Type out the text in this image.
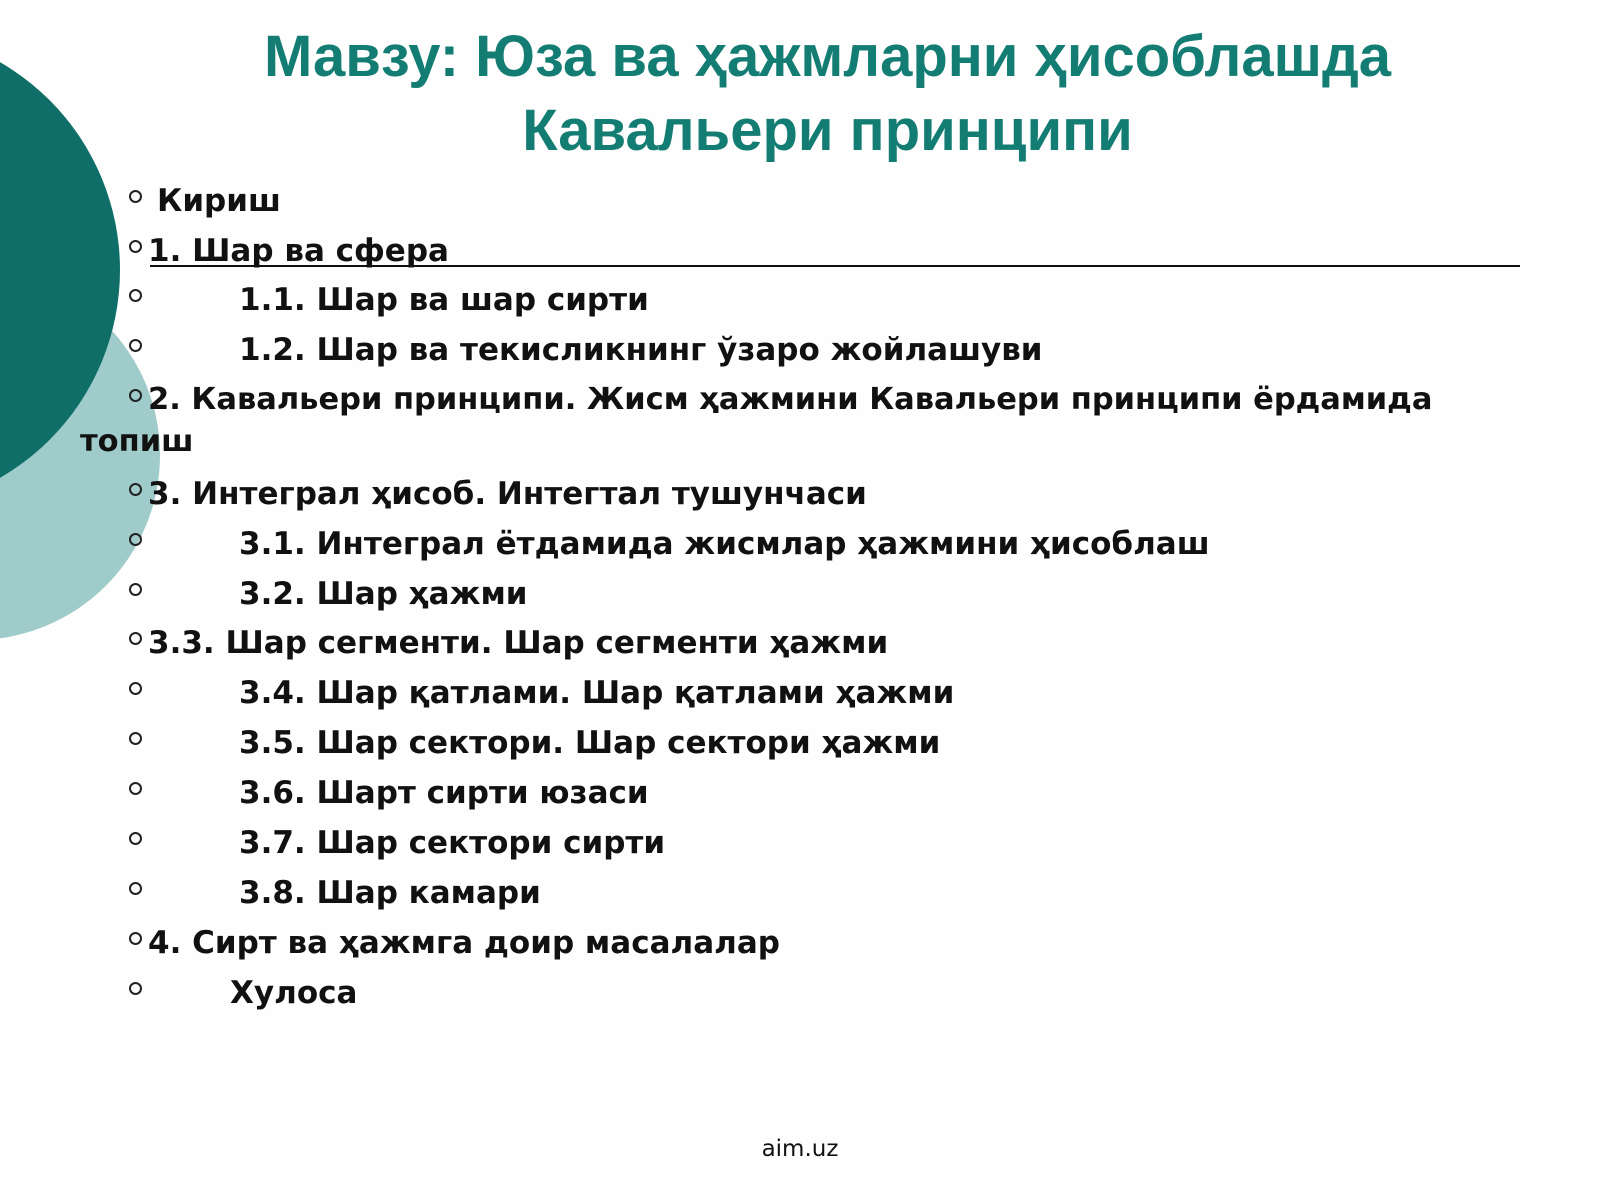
Мавзу: Юза ва ҳажмларни ҳисоблашда
Кавальери принципи
Кириш
1. Шар ва сфера
1.1. Шар ва шар сирти
1.2. Шар ва текисликнинг ўзаро жойлашуви
2. Кавальери принципи. Жисм ҳажмини Кавальери принципи ёрдамида топиш
3. Интеграл ҳисоб. Интегтал тушунчаси
3.1. Интеграл ётдамида жисмлар ҳажмини ҳисоблаш
3.2. Шар ҳажми
3.3. Шар сегменти. Шар сегменти ҳажми
3.4. Шар қатлами. Шар қатлами ҳажми
3.5. Шар сектори. Шар сектори ҳажми
3.6. Шарт сирти юзаси
3.7. Шар сектори сирти
3.8. Шар камари
4. Сирт ва ҳажмга доир масалалар
Хулоса
aim.uz
